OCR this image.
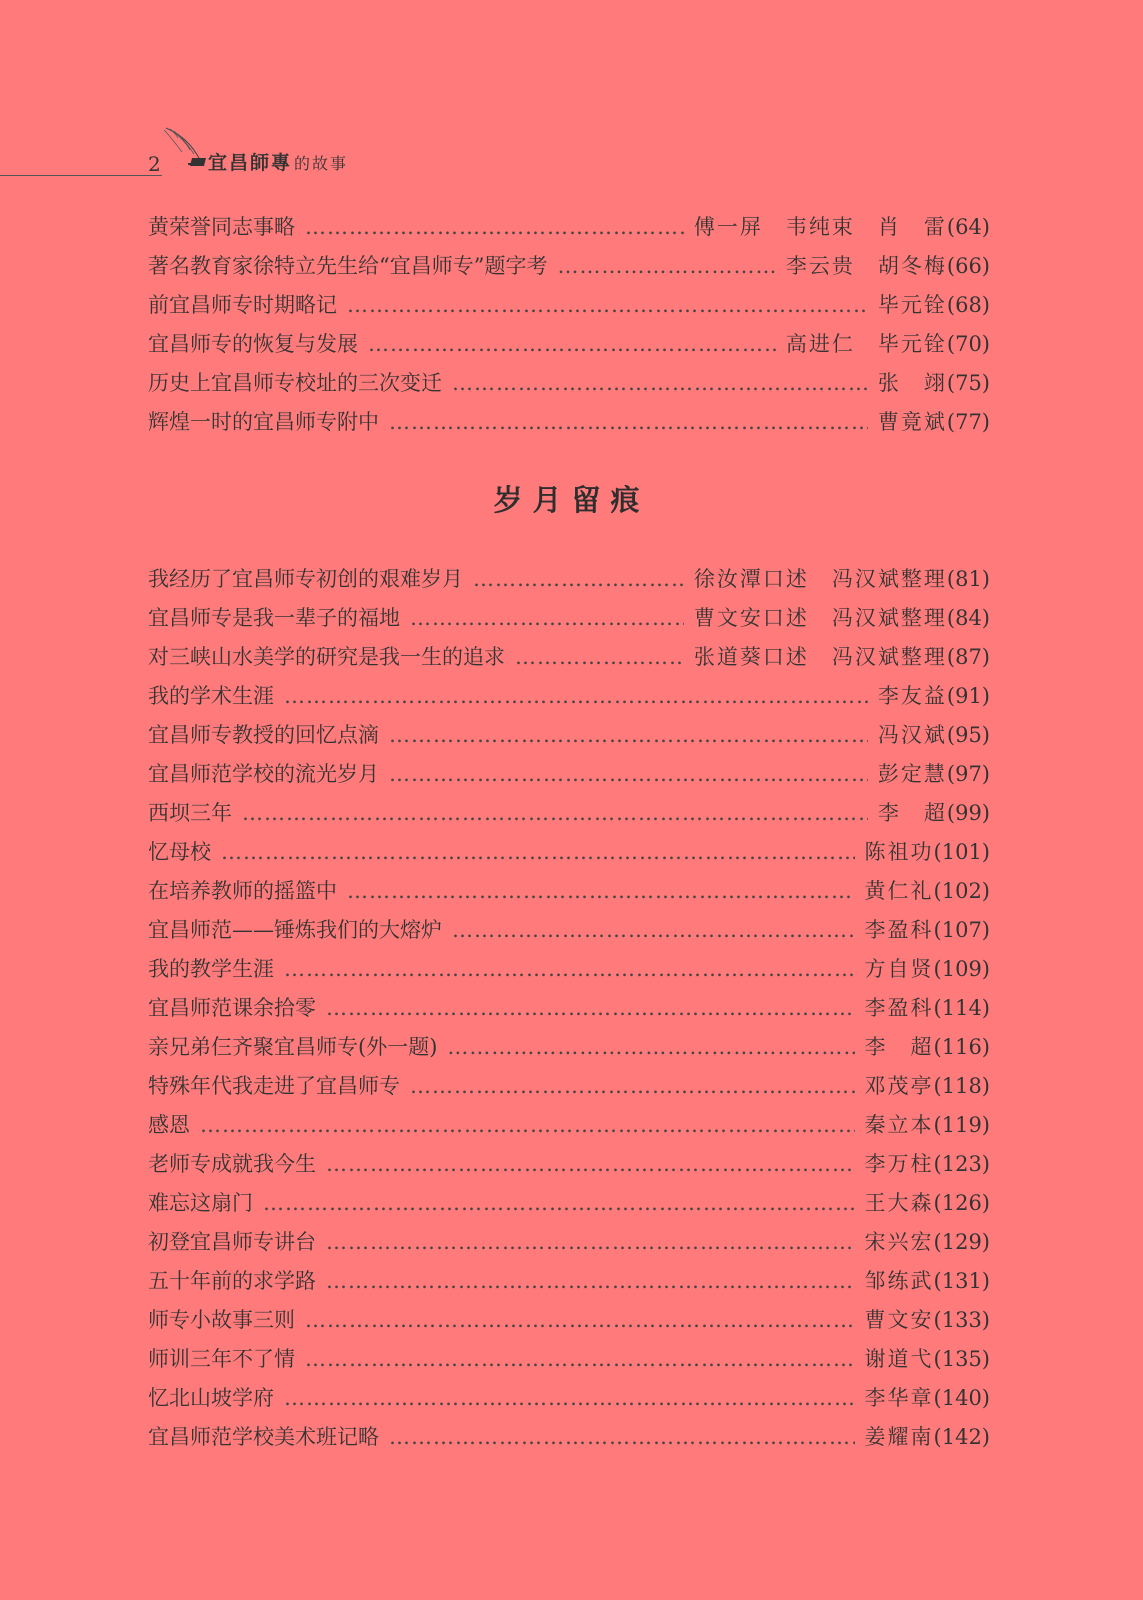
2 宜昌師專 的故事
黄荣誉同志事略 ……………………………………………………………………………………………………………………………………………………………………………………………………………	傅一屏　韦纯束　肖　雷 (64)
著名教育家徐特立先生给“宜昌师专”题字考 ……………………………………………………………………………………………………………………………………………………………………………………………………………	李云贵　胡冬梅 (66)
前宜昌师专时期略记 ……………………………………………………………………………………………………………………………………………………………………………………………………………	毕元铨 (68)
宜昌师专的恢复与发展 ……………………………………………………………………………………………………………………………………………………………………………………………………………	高进仁　毕元铨 (70)
历史上宜昌师专校址的三次变迁 ……………………………………………………………………………………………………………………………………………………………………………………………………………	张　翊 (75)
辉煌一时的宜昌师专附中 ……………………………………………………………………………………………………………………………………………………………………………………………………………	曹竟斌 (77)
岁月留痕
我经历了宜昌师专初创的艰难岁月 ……………………………………………………………………………………………………………………………………………………………………………………………………………	徐汝潭口述　冯汉斌整理 (81)
宜昌师专是我一辈子的福地 ……………………………………………………………………………………………………………………………………………………………………………………………………………	曹文安口述　冯汉斌整理 (84)
对三峡山水美学的研究是我一生的追求 ……………………………………………………………………………………………………………………………………………………………………………………………………………	张道葵口述　冯汉斌整理 (87)
我的学术生涯 ……………………………………………………………………………………………………………………………………………………………………………………………………………	李友益 (91)
宜昌师专教授的回忆点滴 ……………………………………………………………………………………………………………………………………………………………………………………………………………	冯汉斌 (95)
宜昌师范学校的流光岁月 ……………………………………………………………………………………………………………………………………………………………………………………………………………	彭定慧 (97)
西坝三年 ……………………………………………………………………………………………………………………………………………………………………………………………………………	李　超 (99)
忆母校 ……………………………………………………………………………………………………………………………………………………………………………………………………………	陈祖功 (101)
在培养教师的摇篮中 ……………………………………………………………………………………………………………………………………………………………………………………………………………	黄仁礼 (102)
宜昌师范——锤炼我们的大熔炉 ……………………………………………………………………………………………………………………………………………………………………………………………………………	李盈科 (107)
我的教学生涯 ……………………………………………………………………………………………………………………………………………………………………………………………………………	方自贤 (109)
宜昌师范课余拾零 ……………………………………………………………………………………………………………………………………………………………………………………………………………	李盈科 (114)
亲兄弟仨齐聚宜昌师专(外一题) ……………………………………………………………………………………………………………………………………………………………………………………………………………	李　超 (116)
特殊年代我走进了宜昌师专 ……………………………………………………………………………………………………………………………………………………………………………………………………………	邓茂亭 (118)
感恩 ……………………………………………………………………………………………………………………………………………………………………………………………………………	秦立本 (119)
老师专成就我今生 ……………………………………………………………………………………………………………………………………………………………………………………………………………	李万柱 (123)
难忘这扇门 ……………………………………………………………………………………………………………………………………………………………………………………………………………	王大森 (126)
初登宜昌师专讲台 ……………………………………………………………………………………………………………………………………………………………………………………………………………	宋兴宏 (129)
五十年前的求学路 ……………………………………………………………………………………………………………………………………………………………………………………………………………	邹练武 (131)
师专小故事三则 ……………………………………………………………………………………………………………………………………………………………………………………………………………	曹文安 (133)
师训三年不了情 ……………………………………………………………………………………………………………………………………………………………………………………………………………	谢道弋 (135)
忆北山坡学府 ……………………………………………………………………………………………………………………………………………………………………………………………………………	李华章 (140)
宜昌师范学校美术班记略 ……………………………………………………………………………………………………………………………………………………………………………………………………………	姜耀南 (142)
